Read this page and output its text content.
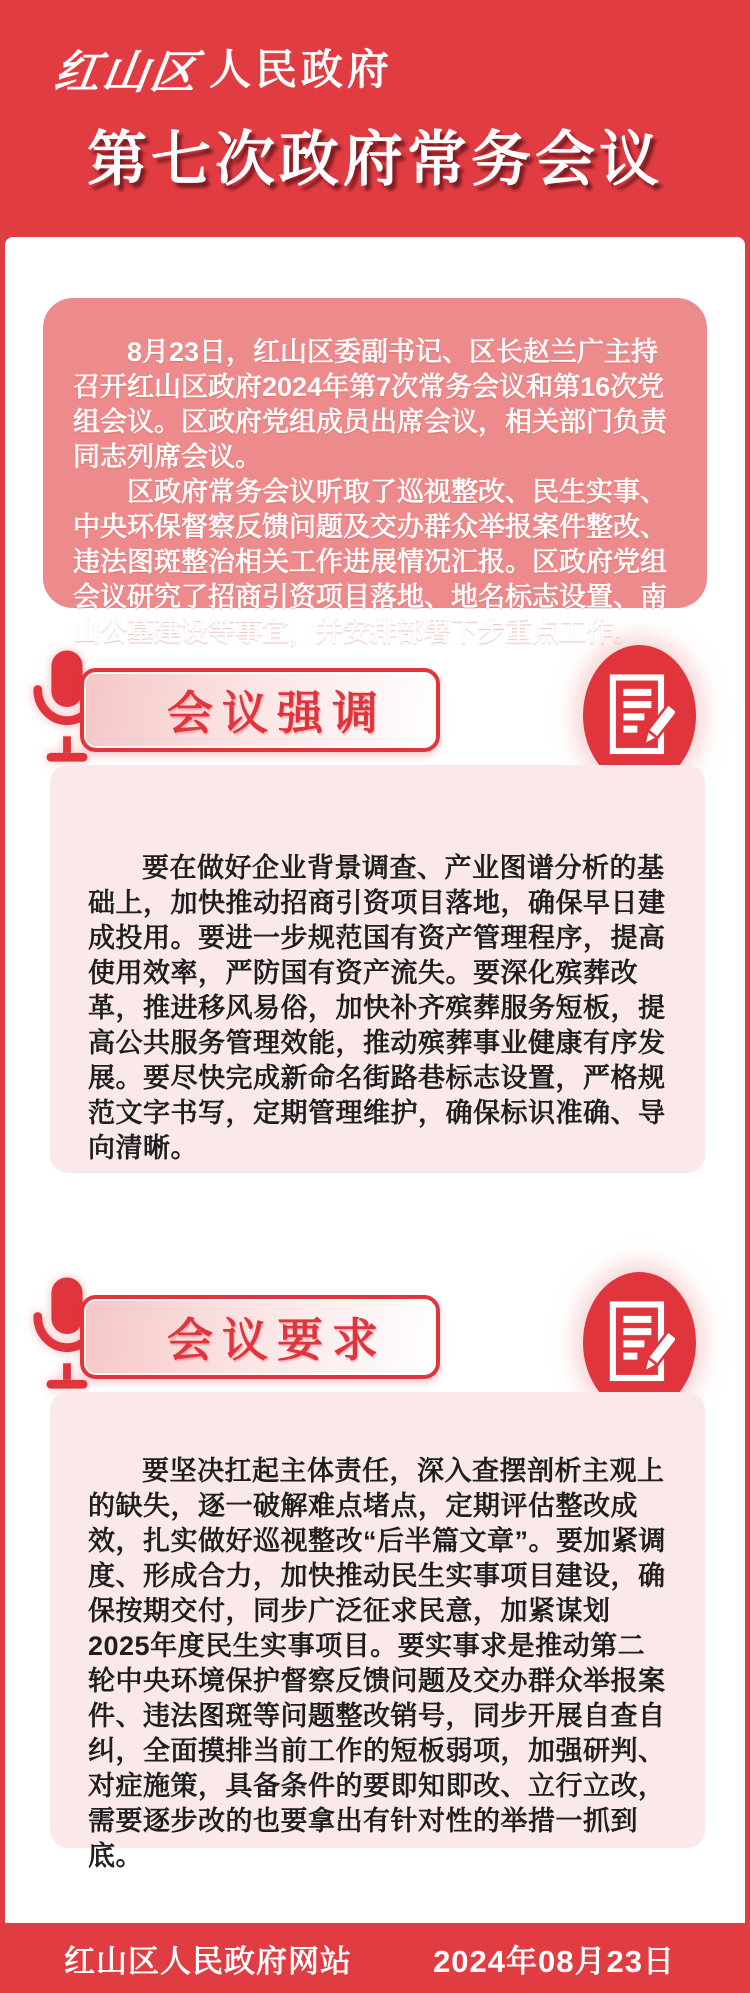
红山区 人民政府
第七次政府常务会议

8月23日，红山区委副书记、区长赵兰广主持召开红山区政府2024年第7次常务会议和第16次党组会议。区政府党组成员出席会议，相关部门负责同志列席会议。

区政府常务会议听取了巡视整改、民生实事、中央环保督察反馈问题及交办群众举报案件整改、违法图斑整治相关工作进展情况汇报。区政府党组会议研究了招商引资项目落地、地名标志设置、南山公墓建设等事宜，并安排部署下步重点工作。

会议强调

要在做好企业背景调查、产业图谱分析的基础上，加快推动招商引资项目落地，确保早日建成投用。要进一步规范国有资产管理程序，提高使用效率，严防国有资产流失。要深化殡葬改革，推进移风易俗，加快补齐殡葬服务短板，提高公共服务管理效能，推动殡葬事业健康有序发展。要尽快完成新命名街路巷标志设置，严格规范文字书写，定期管理维护，确保标识准确、导向清晰。

会议要求

要坚决扛起主体责任，深入查摆剖析主观上的缺失，逐一破解难点堵点，定期评估整改成效，扎实做好巡视整改“后半篇文章”。要加紧调度、形成合力，加快推动民生实事项目建设，确保按期交付，同步广泛征求民意，加紧谋划2025年度民生实事项目。要实事求是推动第二轮中央环境保护督察反馈问题及交办群众举报案件、违法图斑等问题整改销号，同步开展自查自纠，全面摸排当前工作的短板弱项，加强研判、对症施策，具备条件的要即知即改、立行立改，需要逐步改的也要拿出有针对性的举措一抓到底。

红山区人民政府网站	2024年08月23日
